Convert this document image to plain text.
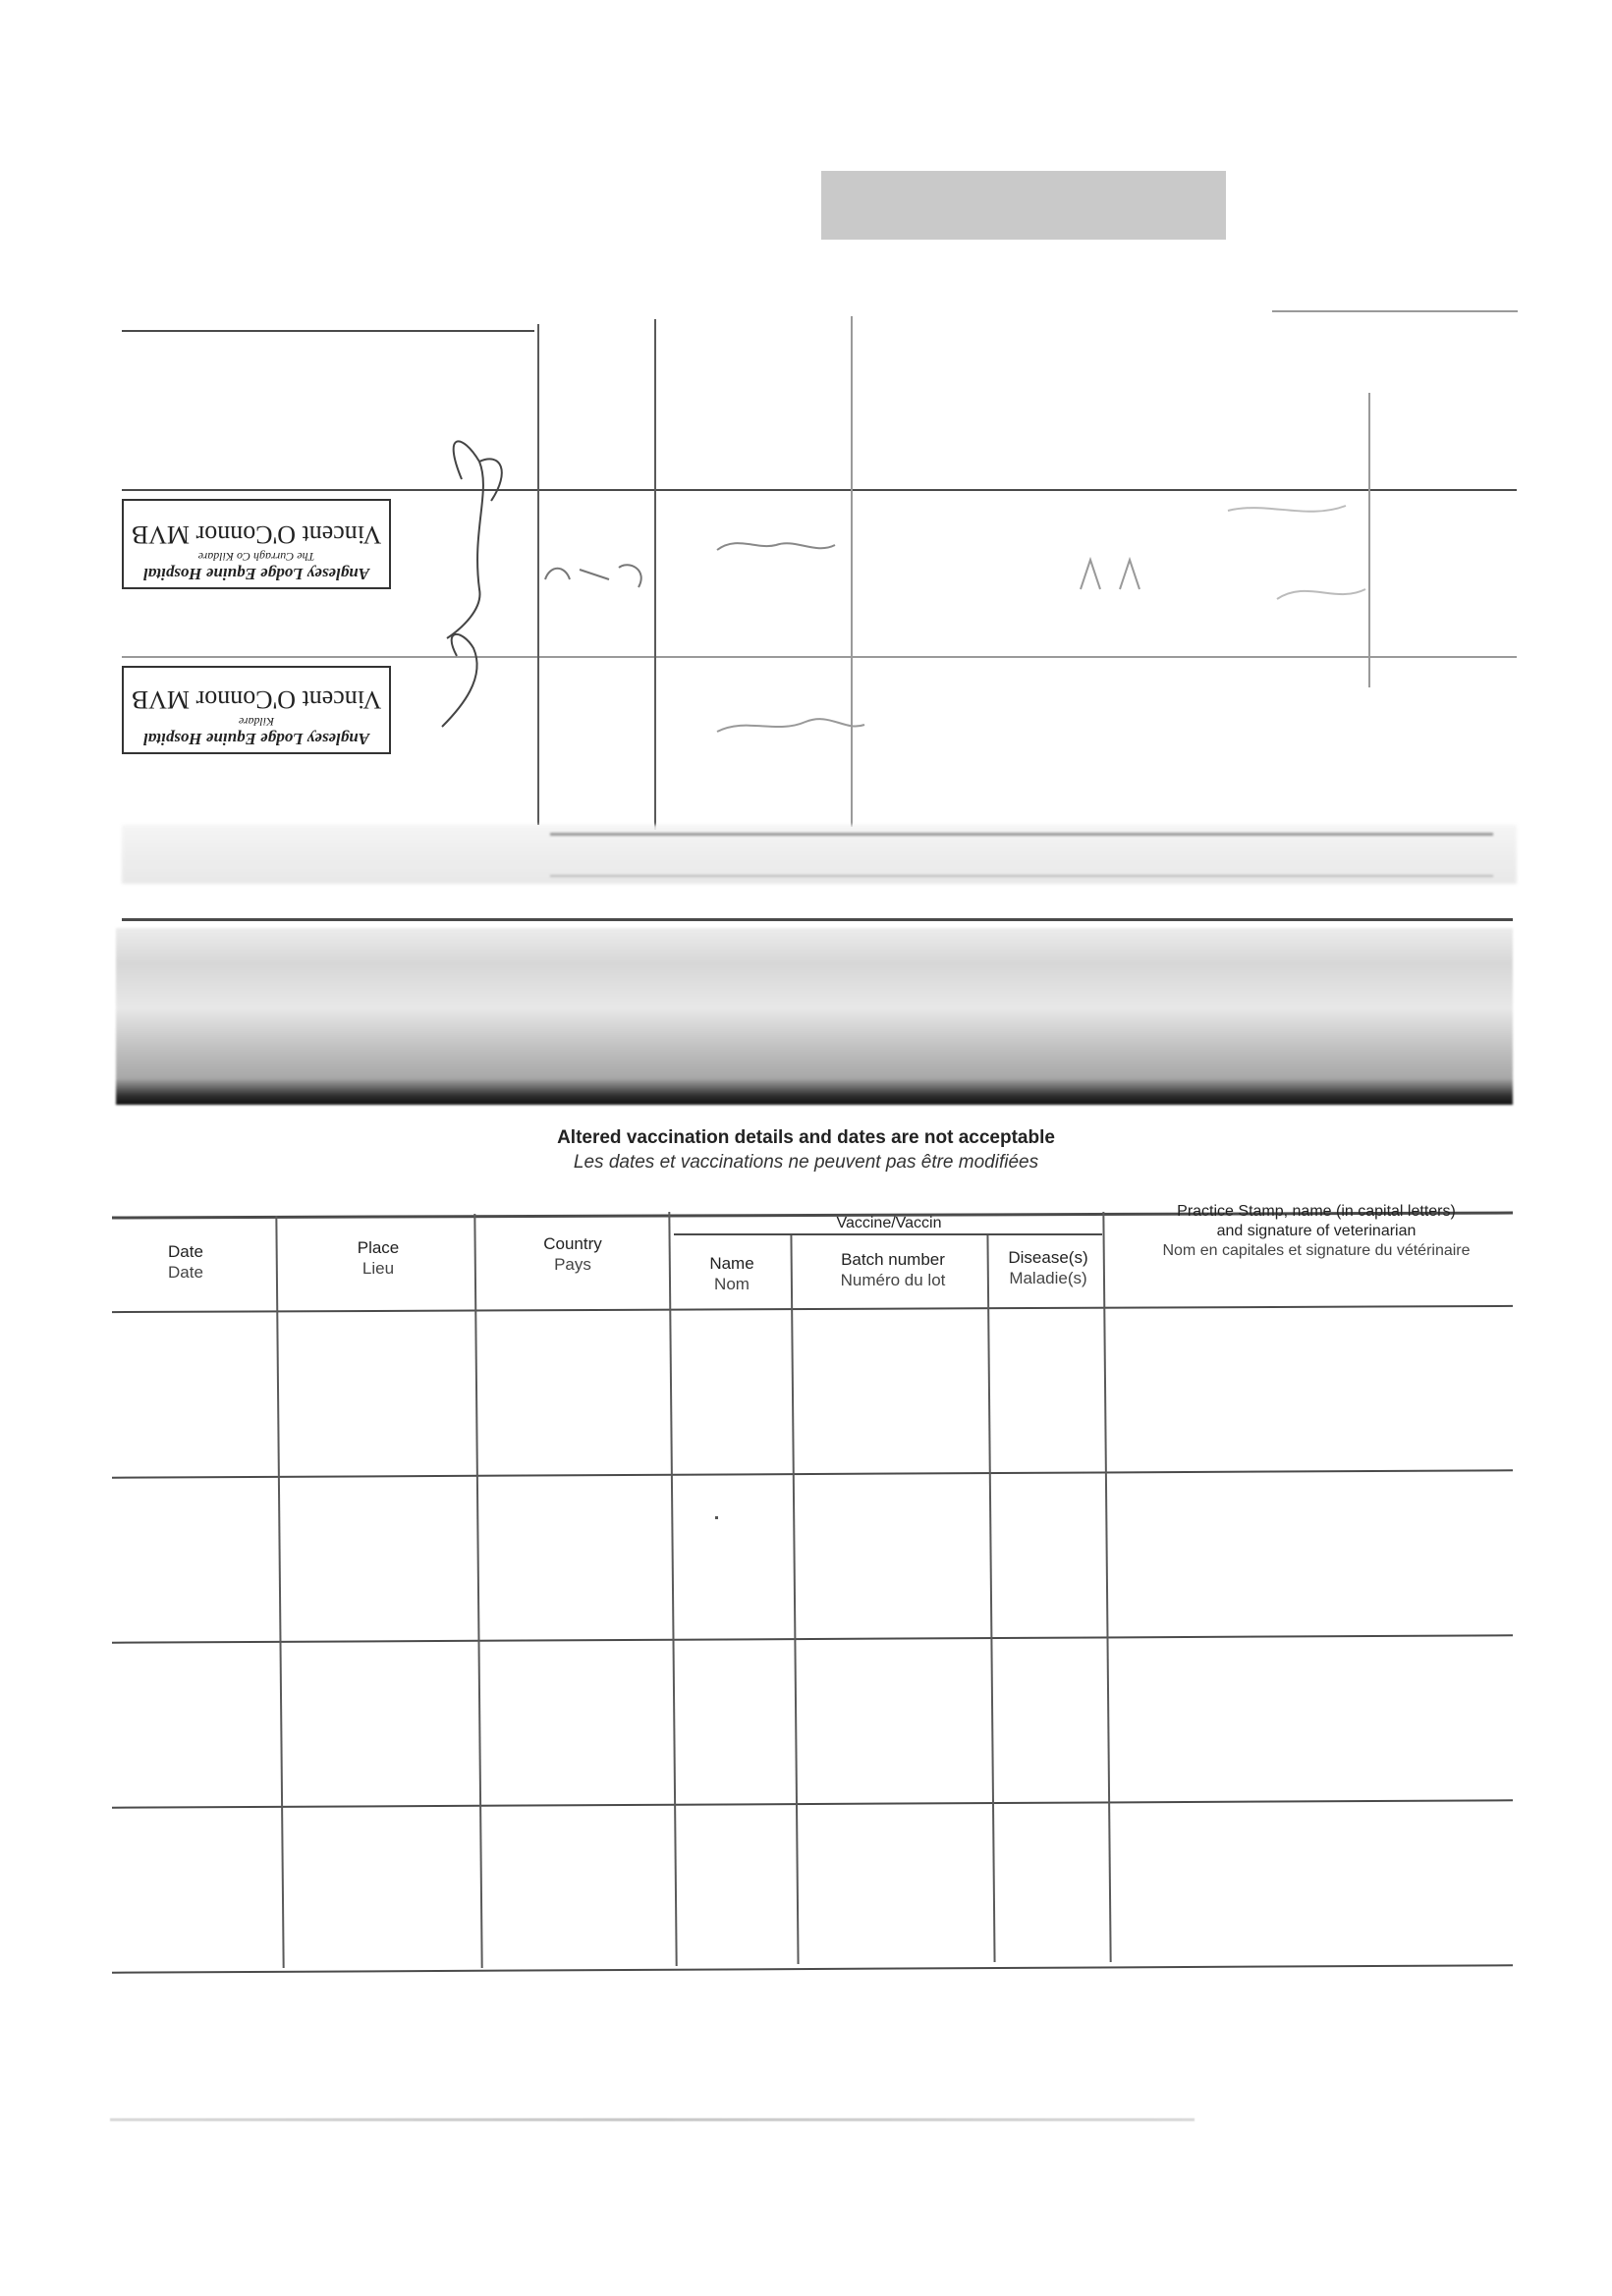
Anglesey Lodge Equine Hospital
The Curragh Co Kildare
Vincent O'Connor MVB
Anglesey Lodge Equine Hospital
Kildare
Vincent O'Connor MVB
Altered vaccination details and dates are not acceptable
Les dates et vaccinations ne peuvent pas être modifiées
Date
Date
Place
Lieu
Country
Pays
Vaccine/Vaccin
Name
Nom
Batch number
Numéro du lot
Disease(s)
Maladie(s)
Practice Stamp, name (in capital letters)
and signature of veterinarian
Nom en capitales et signature du vétérinaire
